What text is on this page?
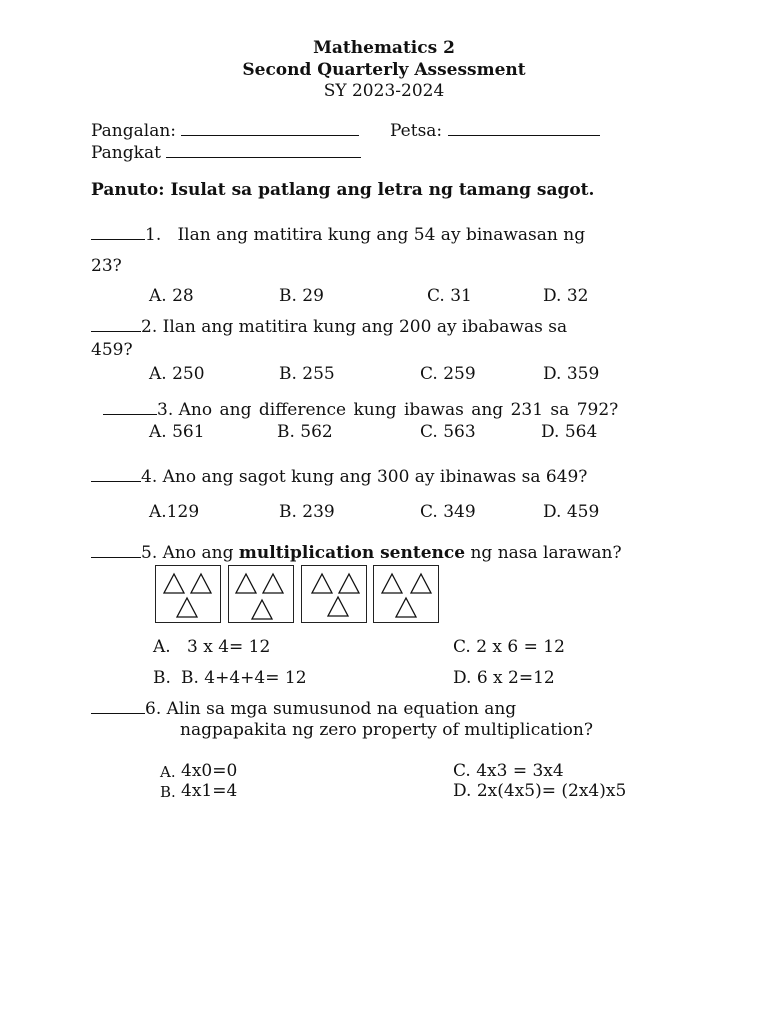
Mathematics 2
Second Quarterly Assessment
SY 2023-2024
Pangalan:	Petsa:
Pangkat
Panuto: Isulat sa patlang ang letra ng tamang sagot.
1. Ilan ang matitira kung ang 54 ay binawasan ng
23?
A. 28	B. 29	C. 31	D. 32
2. Ilan ang matitira kung ang 200 ay ibabawas sa
459?
A. 250	B. 255	C. 259	D. 359
3. Ano ang difference kung ibawas ang 231 sa 792?
A. 561	B. 562	C. 563	D. 564
4. Ano ang sagot kung ang 300 ay ibinawas sa 649?
A.129	B. 239	C. 349	D. 459
5. Ano ang multiplication sentence ng nasa larawan?
A. 3 x 4= 12	C. 2 x 6 = 12
B. B. 4+4+4= 12	D. 6 x 2=12
6. Alin sa mga sumusunod na equation ang
nagpapakita ng zero property of multiplication?
A. 4x0=0	C. 4x3 = 3x4
B. 4x1=4	D. 2x(4x5)= (2x4)x5
